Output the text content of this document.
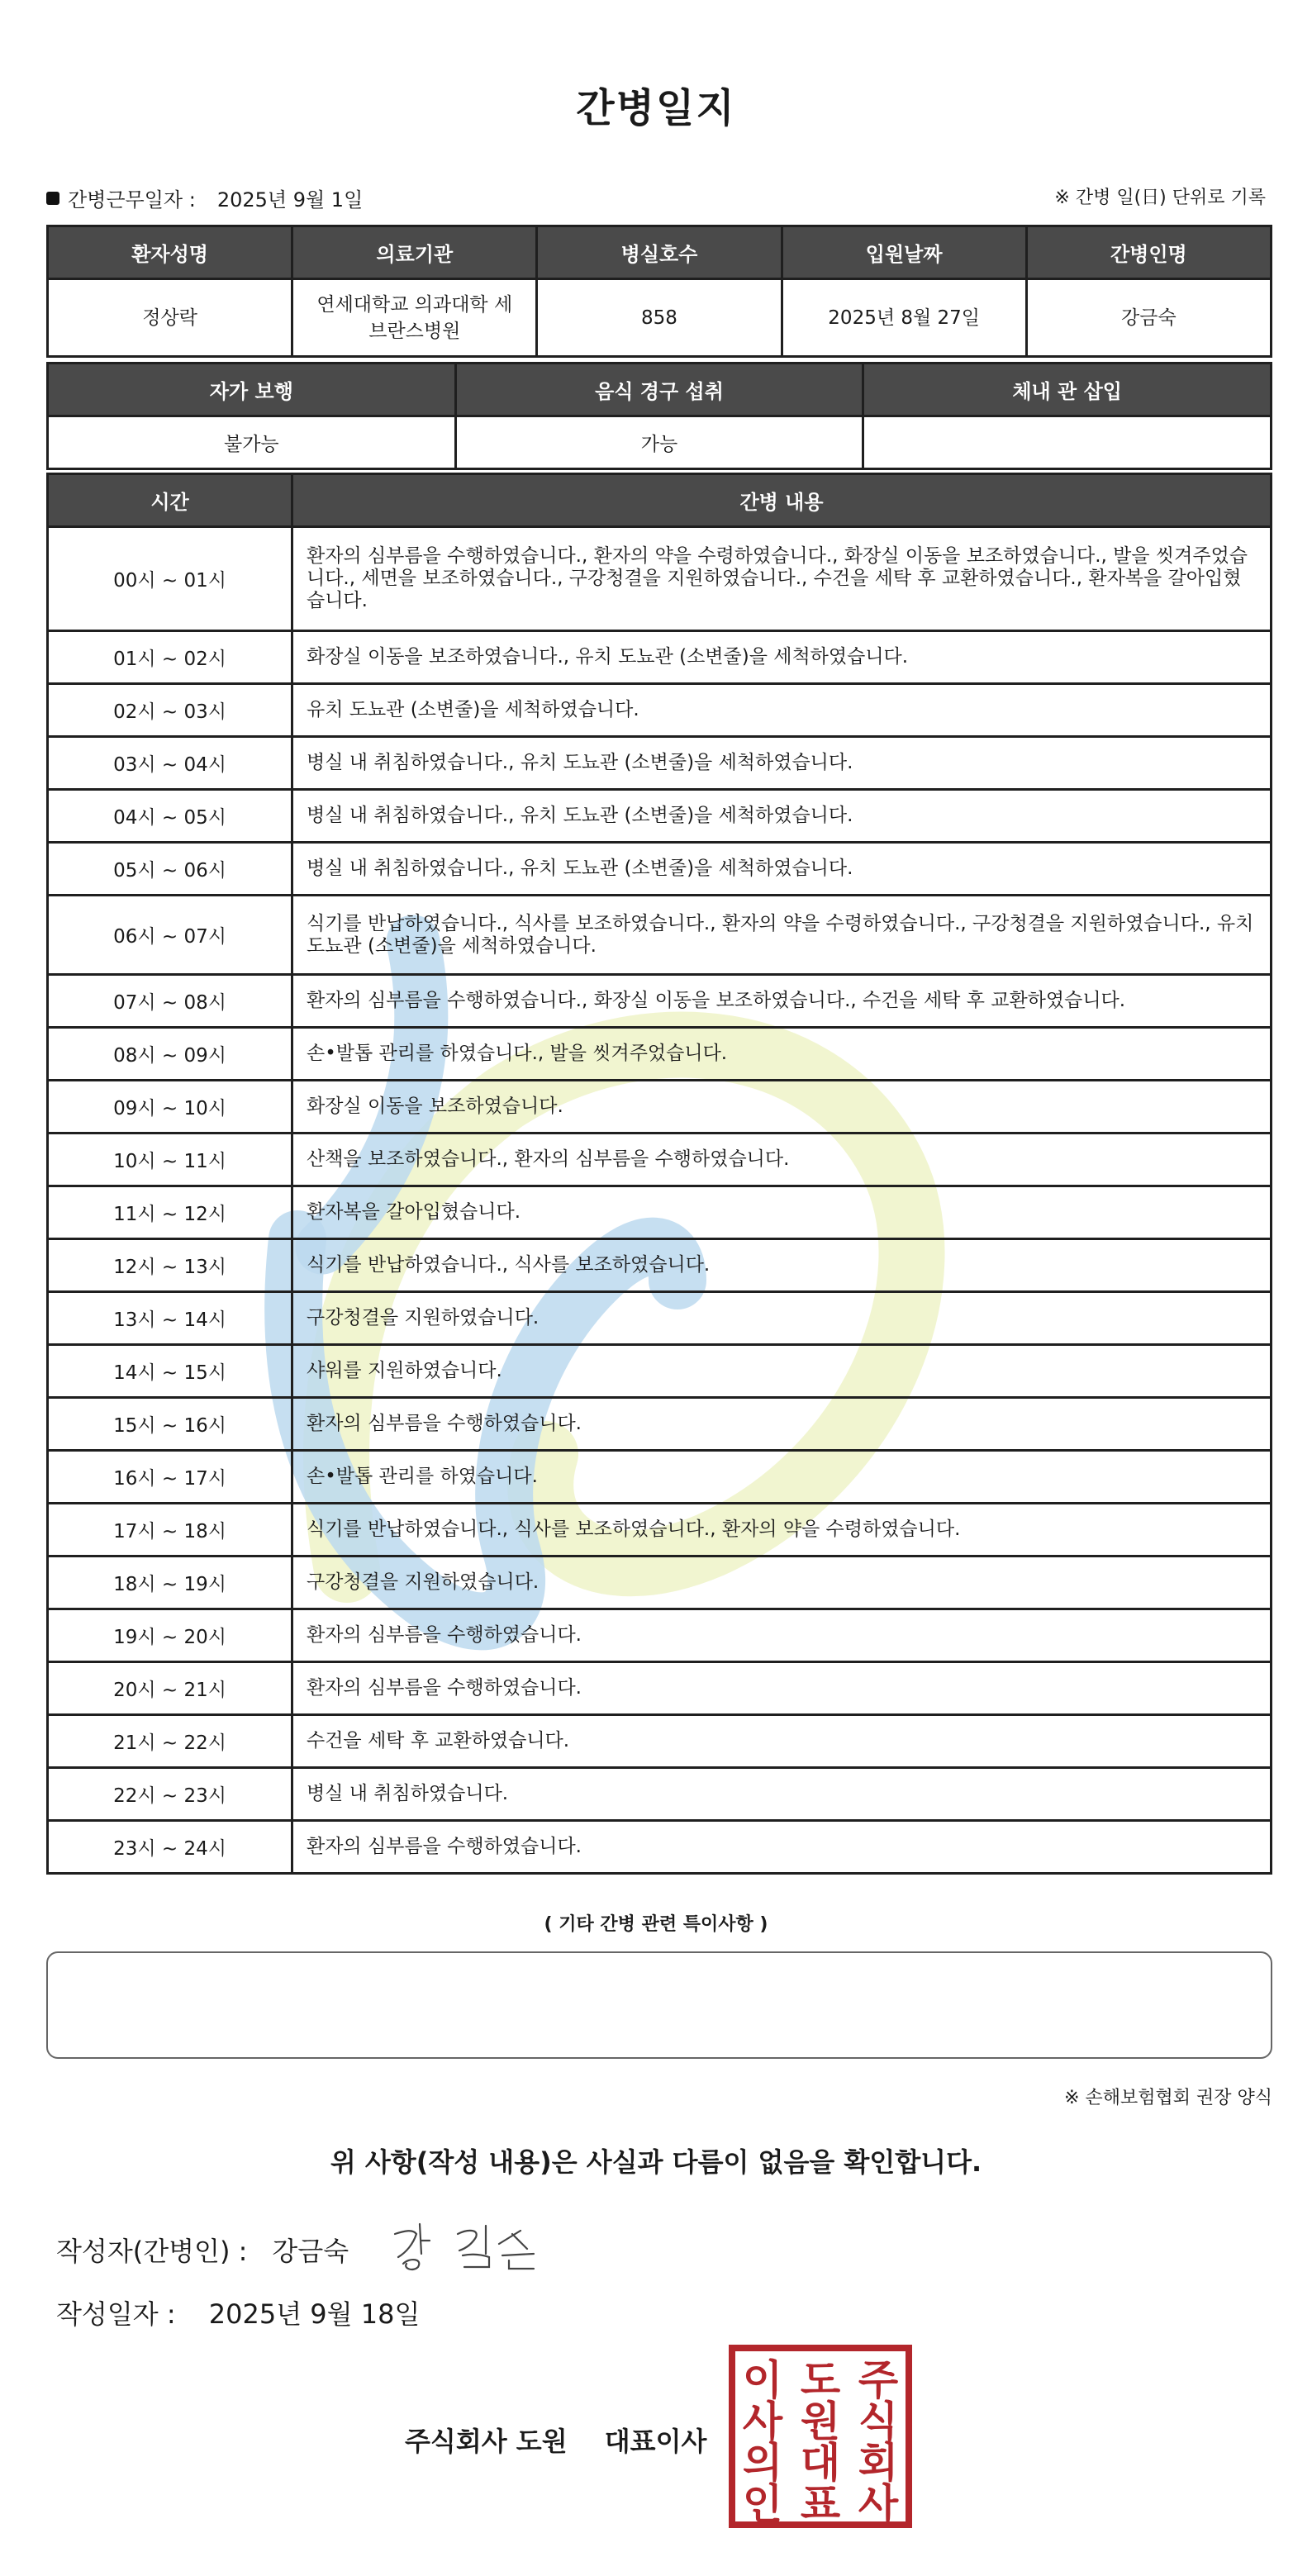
간병일지
간병근무일자 : 2025년 9월 1일	※ 간병 일(日) 단위로 기록
환자성명	의료기관	병실호수	입원날짜	간병인명
정상락	연세대학교 의과대학 세브란스병원	858	2025년 8월 27일	강금숙
자가 보행	음식 경구 섭취	체내 관 삽입
불가능	가능	
시간	간병 내용
00시 ~ 01시	환자의 심부름을 수행하였습니다., 환자의 약을 수령하였습니다., 화장실 이동을 보조하였습니다., 발을 씻겨주었습니다., 세면을 보조하였습니다., 구강청결을 지원하였습니다., 수건을 세탁 후 교환하였습니다., 환자복을 갈아입혔습니다.
01시 ~ 02시	화장실 이동을 보조하였습니다., 유치 도뇨관 (소변줄)을 세척하였습니다.
02시 ~ 03시	유치 도뇨관 (소변줄)을 세척하였습니다.
03시 ~ 04시	병실 내 취침하였습니다., 유치 도뇨관 (소변줄)을 세척하였습니다.
04시 ~ 05시	병실 내 취침하였습니다., 유치 도뇨관 (소변줄)을 세척하였습니다.
05시 ~ 06시	병실 내 취침하였습니다., 유치 도뇨관 (소변줄)을 세척하였습니다.
06시 ~ 07시	식기를 반납하였습니다., 식사를 보조하였습니다., 환자의 약을 수령하였습니다., 구강청결을 지원하였습니다., 유치 도뇨관 (소변줄)을 세척하였습니다.
07시 ~ 08시	환자의 심부름을 수행하였습니다., 화장실 이동을 보조하였습니다., 수건을 세탁 후 교환하였습니다.
08시 ~ 09시	손•발톱 관리를 하였습니다., 발을 씻겨주었습니다.
09시 ~ 10시	화장실 이동을 보조하였습니다.
10시 ~ 11시	산책을 보조하였습니다., 환자의 심부름을 수행하였습니다.
11시 ~ 12시	환자복을 갈아입혔습니다.
12시 ~ 13시	식기를 반납하였습니다., 식사를 보조하였습니다.
13시 ~ 14시	구강청결을 지원하였습니다.
14시 ~ 15시	샤워를 지원하였습니다.
15시 ~ 16시	환자의 심부름을 수행하였습니다.
16시 ~ 17시	손•발톱 관리를 하였습니다.
17시 ~ 18시	식기를 반납하였습니다., 식사를 보조하였습니다., 환자의 약을 수령하였습니다.
18시 ~ 19시	구강청결을 지원하였습니다.
19시 ~ 20시	환자의 심부름을 수행하였습니다.
20시 ~ 21시	환자의 심부름을 수행하였습니다.
21시 ~ 22시	수건을 세탁 후 교환하였습니다.
22시 ~ 23시	병실 내 취침하였습니다.
23시 ~ 24시	환자의 심부름을 수행하였습니다.
( 기타 간병 관련 특이사항 )
※ 손해보험협회 권장 양식
위 사항(작성 내용)은 사실과 다름이 없음을 확인합니다.
작성자(간병인) : 강금숙
작성일자 : 2025년 9월 18일
주식회사 도원 대표이사
주
식
회
사
도
원
대
표
이
사
의
인
